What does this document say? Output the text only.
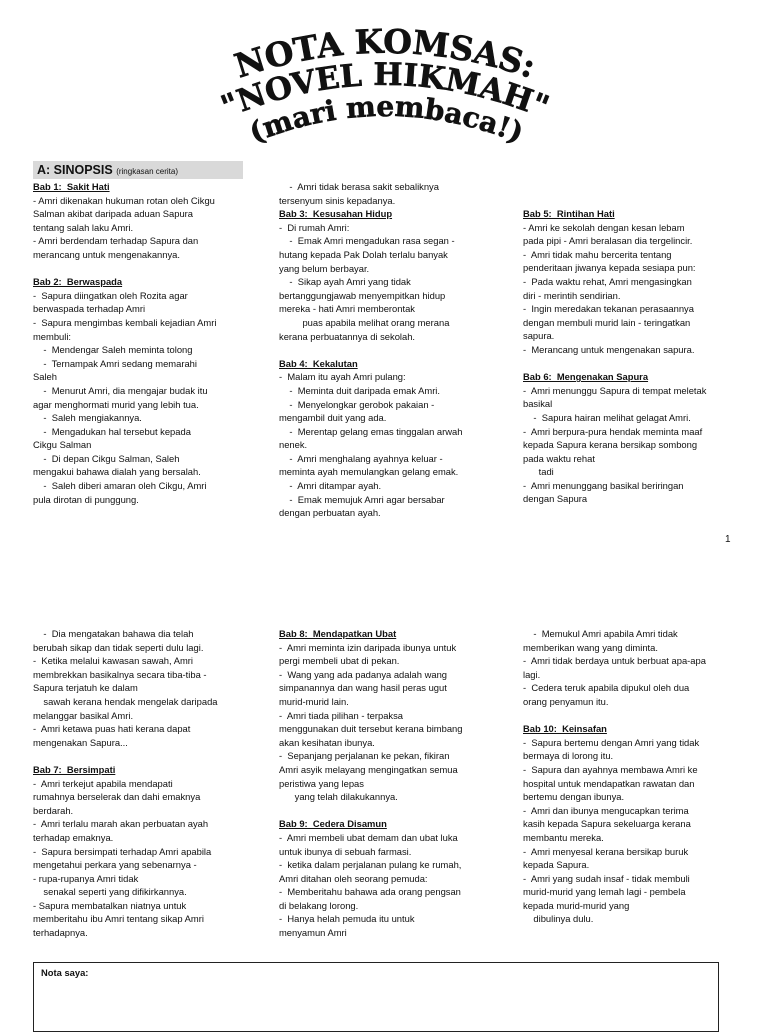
NOTA KOMSAS:
"NOVEL HIKMAH"
(mari membaca!)
A: SINOPSIS (ringkasan cerita)
Bab 1:  Sakit Hati
- Amri dikenakan hukuman rotan oleh Cikgu
Salman akibat daripada aduan Sapura
tentang salah laku Amri.
- Amri berdendam terhadap Sapura dan
merancang untuk mengenakannya.
Bab 2:  Berwaspada
-  Sapura diingatkan oleh Rozita agar
berwaspada terhadap Amri
-  Sapura mengimbas kembali kejadian Amri
membuli:
-  Mendengar Saleh meminta tolong
-  Ternampak Amri sedang memarahi
Saleh
-  Menurut Amri, dia mengajar budak itu
agar menghormati murid yang lebih tua.
-  Saleh mengiakannya.
-  Mengadukan hal tersebut kepada
Cikgu Salman
-  Di depan Cikgu Salman, Saleh
mengakui bahawa dialah yang bersalah.
-  Saleh diberi amaran oleh Cikgu, Amri
pula dirotan di punggung.
-  Amri tidak berasa sakit sebaliknya
tersenyum sinis kepadanya.
Bab 3:  Kesusahan Hidup
-  Di rumah Amri:
-  Emak Amri mengadukan rasa segan -
hutang kepada Pak Dolah terlalu banyak
yang belum berbayar.
-  Sikap ayah Amri yang tidak
bertanggungjawab menyempitkan hidup
mereka - hati Amri memberontak
puas apabila melihat orang merana
kerana perbuatannya di sekolah.
Bab 4:  Kekalutan
-  Malam itu ayah Amri pulang:
-  Meminta duit daripada emak Amri.
-  Menyelongkar gerobok pakaian -
mengambil duit yang ada.
-  Merentap gelang emas tinggalan arwah
nenek.
-  Amri menghalang ayahnya keluar -
meminta ayah memulangkan gelang emak.
-  Amri ditampar ayah.
-  Emak memujuk Amri agar bersabar
dengan perbuatan ayah.
Bab 5:  Rintihan Hati
- Amri ke sekolah dengan kesan lebam
pada pipi - Amri beralasan dia tergelincir.
-  Amri tidak mahu bercerita tentang
penderitaan jiwanya kepada sesiapa pun:
-  Pada waktu rehat, Amri mengasingkan
diri - merintih sendirian.
-  Ingin meredakan tekanan perasaannya
dengan membuli murid lain - teringatkan
sapura.
-  Merancang untuk mengenakan sapura.
Bab 6:  Mengenakan Sapura
-  Amri menunggu Sapura di tempat meletak
basikal
-  Sapura hairan melihat gelagat Amri.
-  Amri berpura-pura hendak meminta maaf
kepada Sapura kerana bersikap sombong
pada waktu rehat
tadi
-  Amri menunggang basikal beriringan
dengan Sapura
1
-  Dia mengatakan bahawa dia telah
berubah sikap dan tidak seperti dulu lagi.
-  Ketika melalui kawasan sawah, Amri
membrekkan basikalnya secara tiba-tiba -
Sapura terjatuh ke dalam
sawah kerana hendak mengelak daripada
melanggar basikal Amri.
-  Amri ketawa puas hati kerana dapat
mengenakan Sapura...
Bab 7:  Bersimpati
-  Amri terkejut apabila mendapati
rumahnya berselerak dan dahi emaknya
berdarah.
-  Amri terlalu marah akan perbuatan ayah
terhadap emaknya.
-  Sapura bersimpati terhadap Amri apabila
mengetahui perkara yang sebenarnya -
- rupa-rupanya Amri tidak
senakal seperti yang difikirkannya.
- Sapura membatalkan niatnya untuk
memberitahu ibu Amri tentang sikap Amri
terhadapnya.
Bab 8:  Mendapatkan Ubat
-  Amri meminta izin daripada ibunya untuk
pergi membeli ubat di pekan.
-  Wang yang ada padanya adalah wang
simpanannya dan wang hasil peras ugut
murid-murid lain.
-  Amri tiada pilihan - terpaksa
menggunakan duit tersebut kerana bimbang
akan kesihatan ibunya.
-  Sepanjang perjalanan ke pekan, fikiran
Amri asyik melayang mengingatkan semua
peristiwa yang lepas
yang telah dilakukannya.
Bab 9:  Cedera Disamun
-  Amri membeli ubat demam dan ubat luka
untuk ibunya di sebuah farmasi.
-  ketika dalam perjalanan pulang ke rumah,
Amri ditahan oleh seorang pemuda:
-  Memberitahu bahawa ada orang pengsan
di belakang lorong.
-  Hanya helah pemuda itu untuk
menyamun Amri
-  Memukul Amri apabila Amri tidak
memberikan wang yang diminta.
-  Amri tidak berdaya untuk berbuat apa-apa
lagi.
-  Cedera teruk apabila dipukul oleh dua
orang penyamun itu.
Bab 10:  Keinsafan
-  Sapura bertemu dengan Amri yang tidak
bermaya di lorong itu.
-  Sapura dan ayahnya membawa Amri ke
hospital untuk mendapatkan rawatan dan
bertemu dengan ibunya.
-  Amri dan ibunya mengucapkan terima
kasih kepada Sapura sekeluarga kerana
membantu mereka.
-  Amri menyesal kerana bersikap buruk
kepada Sapura.
-  Amri yang sudah insaf - tidak membuli
murid-murid yang lemah lagi - pembela
kepada murid-murid yang
dibulinya dulu.
Nota saya:
